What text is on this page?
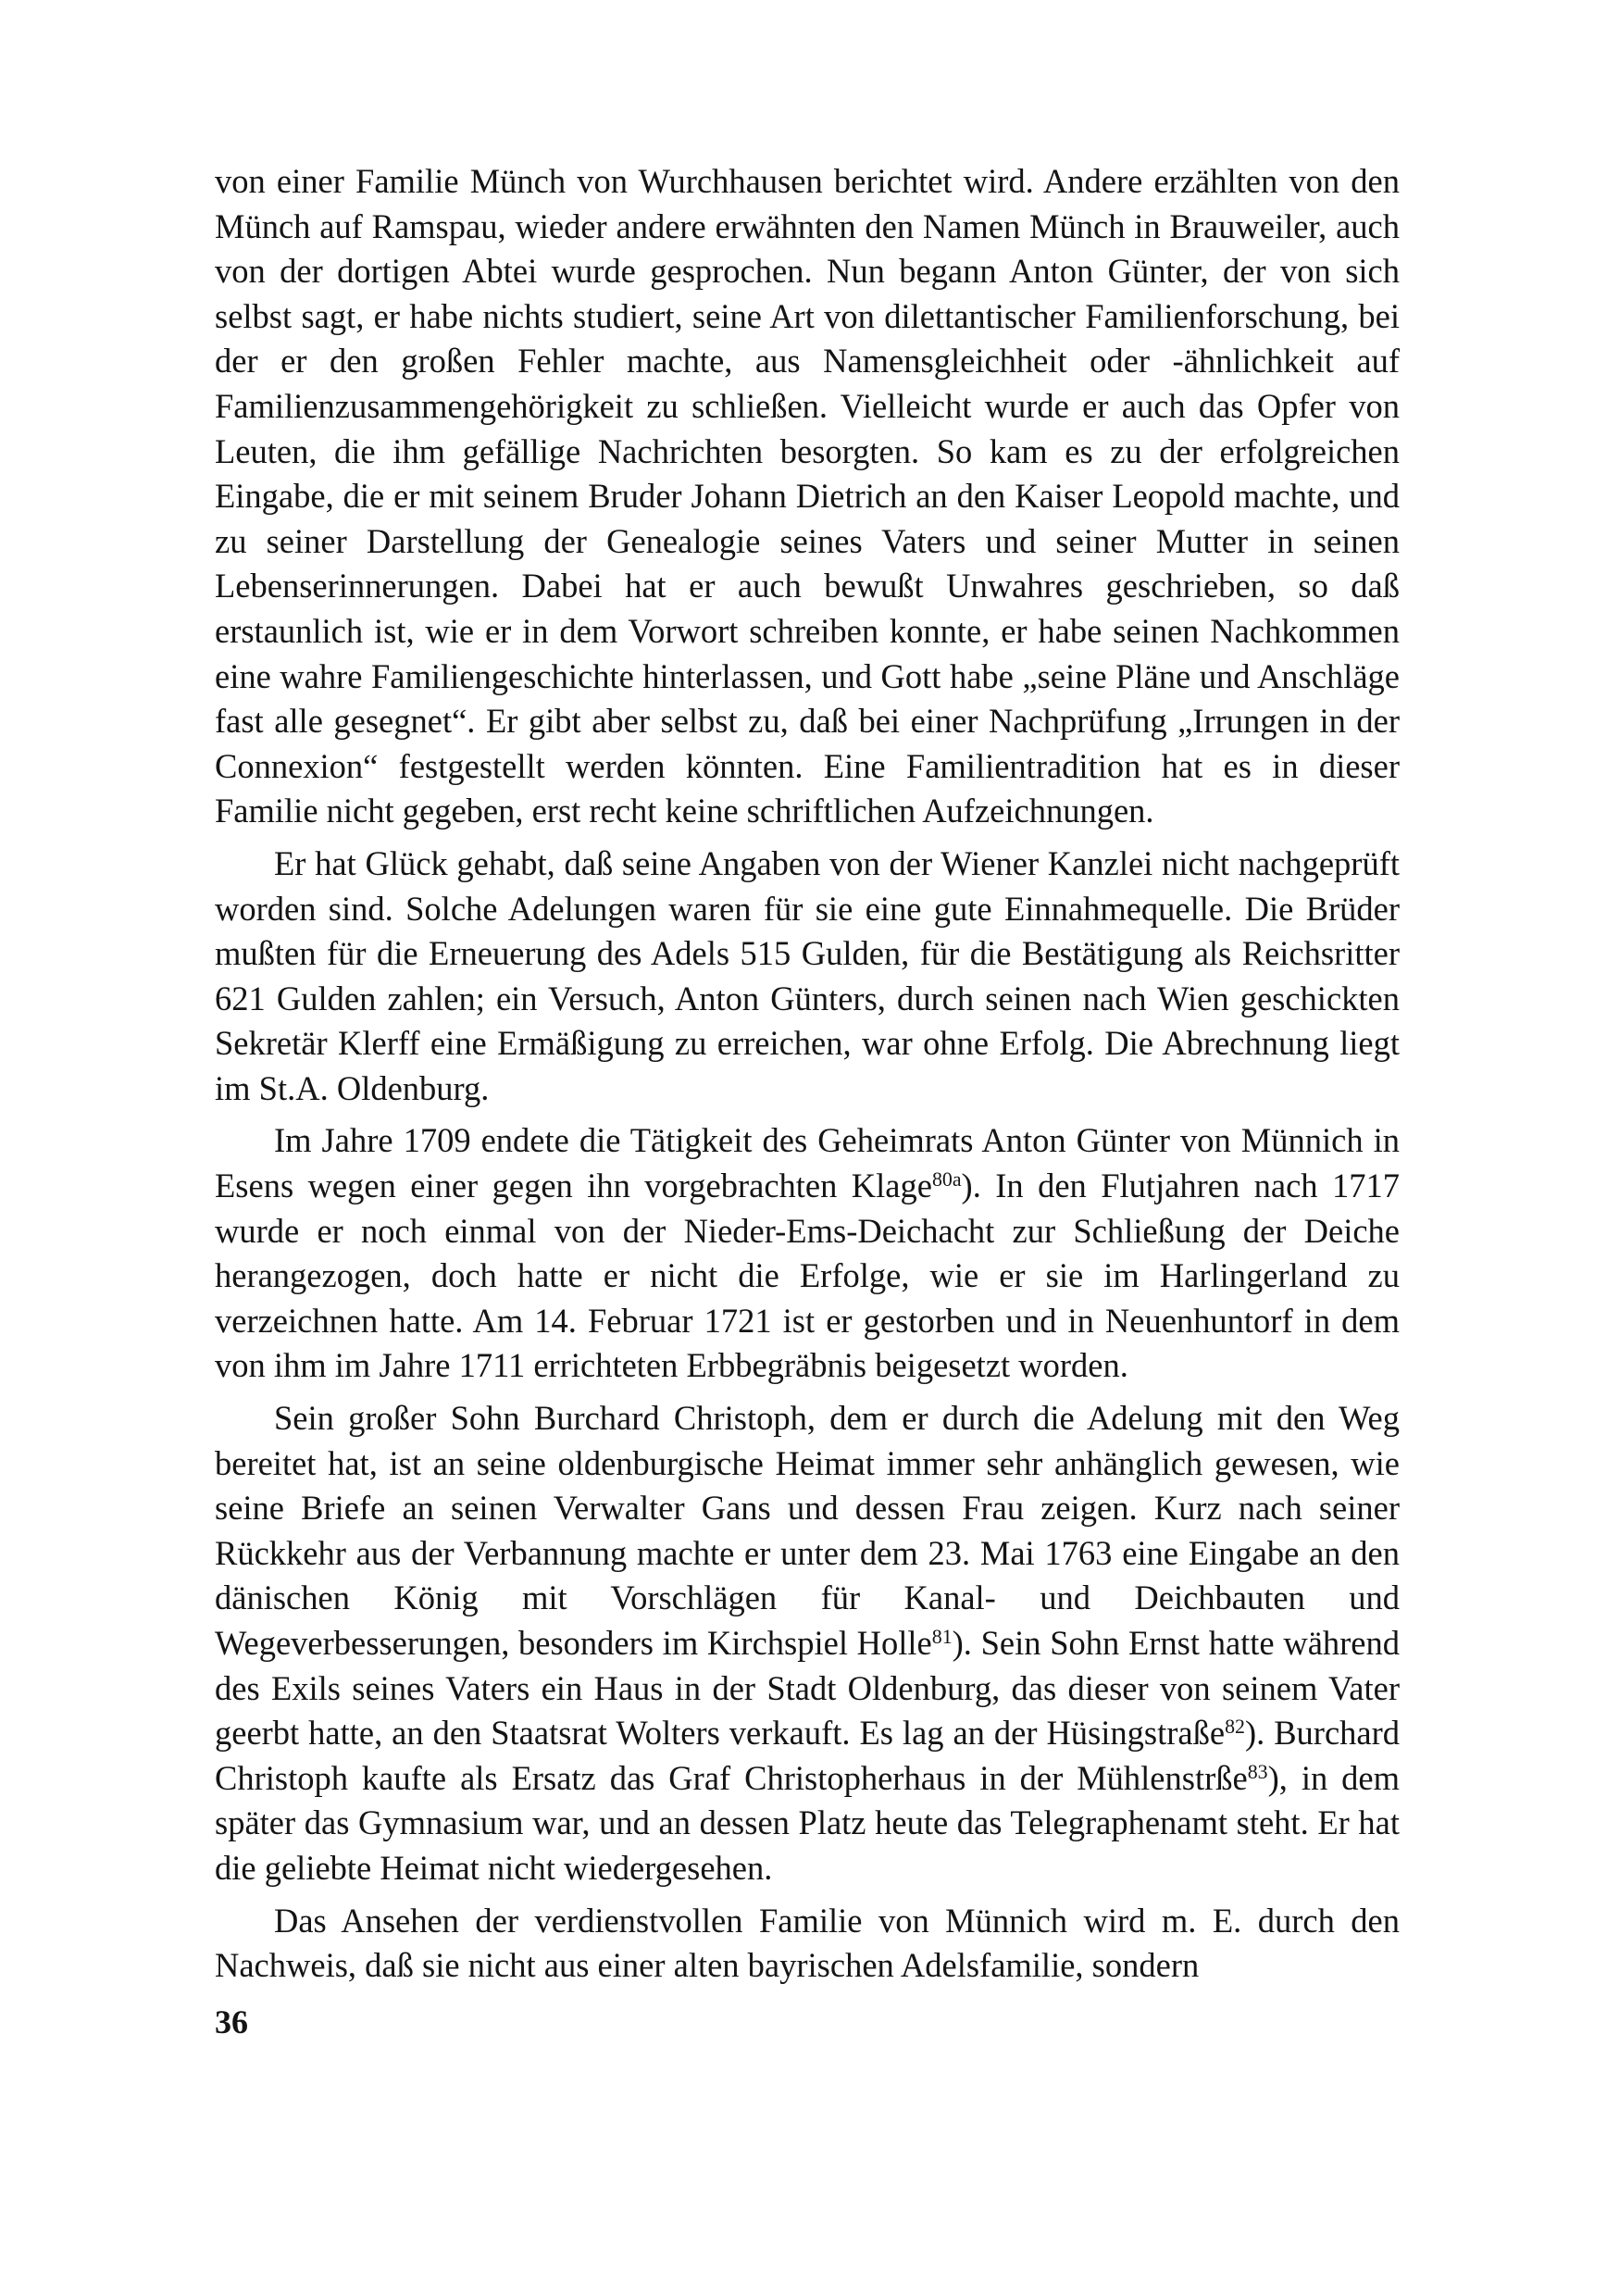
von einer Familie Münch von Wurchhausen berichtet wird. Andere erzählten von den Münch auf Ramspau, wieder andere erwähnten den Namen Münch in Brauweiler, auch von der dortigen Abtei wurde gesprochen. Nun begann Anton Günter, der von sich selbst sagt, er habe nichts studiert, seine Art von dilettantischer Familienforschung, bei der er den großen Fehler machte, aus Namensgleichheit oder -ähnlichkeit auf Familienzusammengehörigkeit zu schließen. Vielleicht wurde er auch das Opfer von Leuten, die ihm gefällige Nachrichten besorgten. So kam es zu der erfolgreichen Eingabe, die er mit seinem Bruder Johann Dietrich an den Kaiser Leopold machte, und zu seiner Darstellung der Genealogie seines Vaters und seiner Mutter in seinen Lebenserinnerungen. Dabei hat er auch bewußt Unwahres geschrieben, so daß erstaunlich ist, wie er in dem Vorwort schreiben konnte, er habe seinen Nachkommen eine wahre Familiengeschichte hinterlassen, und Gott habe „seine Pläne und Anschläge fast alle gesegnet“. Er gibt aber selbst zu, daß bei einer Nachprüfung „Irrungen in der Connexion“ festgestellt werden könnten. Eine Familientradition hat es in dieser Familie nicht gegeben, erst recht keine schriftlichen Aufzeichnungen.

Er hat Glück gehabt, daß seine Angaben von der Wiener Kanzlei nicht nachgeprüft worden sind. Solche Adelungen waren für sie eine gute Einnahmequelle. Die Brüder mußten für die Erneuerung des Adels 515 Gulden, für die Bestätigung als Reichsritter 621 Gulden zahlen; ein Versuch, Anton Günters, durch seinen nach Wien geschickten Sekretär Klerff eine Ermäßigung zu erreichen, war ohne Erfolg. Die Abrechnung liegt im St.A. Oldenburg.

Im Jahre 1709 endete die Tätigkeit des Geheimrats Anton Günter von Münnich in Esens wegen einer gegen ihn vorgebrachten Klage$^{80a}$). In den Flutjahren nach 1717 wurde er noch einmal von der Nieder-Ems-Deichacht zur Schließung der Deiche herangezogen, doch hatte er nicht die Erfolge, wie er sie im Harlingerland zu verzeichnen hatte. Am 14. Februar 1721 ist er gestorben und in Neuenhuntorf in dem von ihm im Jahre 1711 errichteten Erbbegräbnis beigesetzt worden.

Sein großer Sohn Burchard Christoph, dem er durch die Adelung mit den Weg bereitet hat, ist an seine oldenburgische Heimat immer sehr anhänglich gewesen, wie seine Briefe an seinen Verwalter Gans und dessen Frau zeigen. Kurz nach seiner Rückkehr aus der Verbannung machte er unter dem 23. Mai 1763 eine Eingabe an den dänischen König mit Vorschlägen für Kanal- und Deichbauten und Wegeverbesserungen, besonders im Kirchspiel Holle$^{81}$). Sein Sohn Ernst hatte während des Exils seines Vaters ein Haus in der Stadt Oldenburg, das dieser von seinem Vater geerbt hatte, an den Staatsrat Wolters verkauft. Es lag an der Hüsingstraße$^{82}$). Burchard Christoph kaufte als Ersatz das Graf Christopherhaus in der Mühlenstrße$^{83}$), in dem später das Gymnasium war, und an dessen Platz heute das Telegraphenamt steht. Er hat die geliebte Heimat nicht wiedergesehen.

Das Ansehen der verdienstvollen Familie von Münnich wird m. E. durch den Nachweis, daß sie nicht aus einer alten bayrischen Adelsfamilie, sondern

36
